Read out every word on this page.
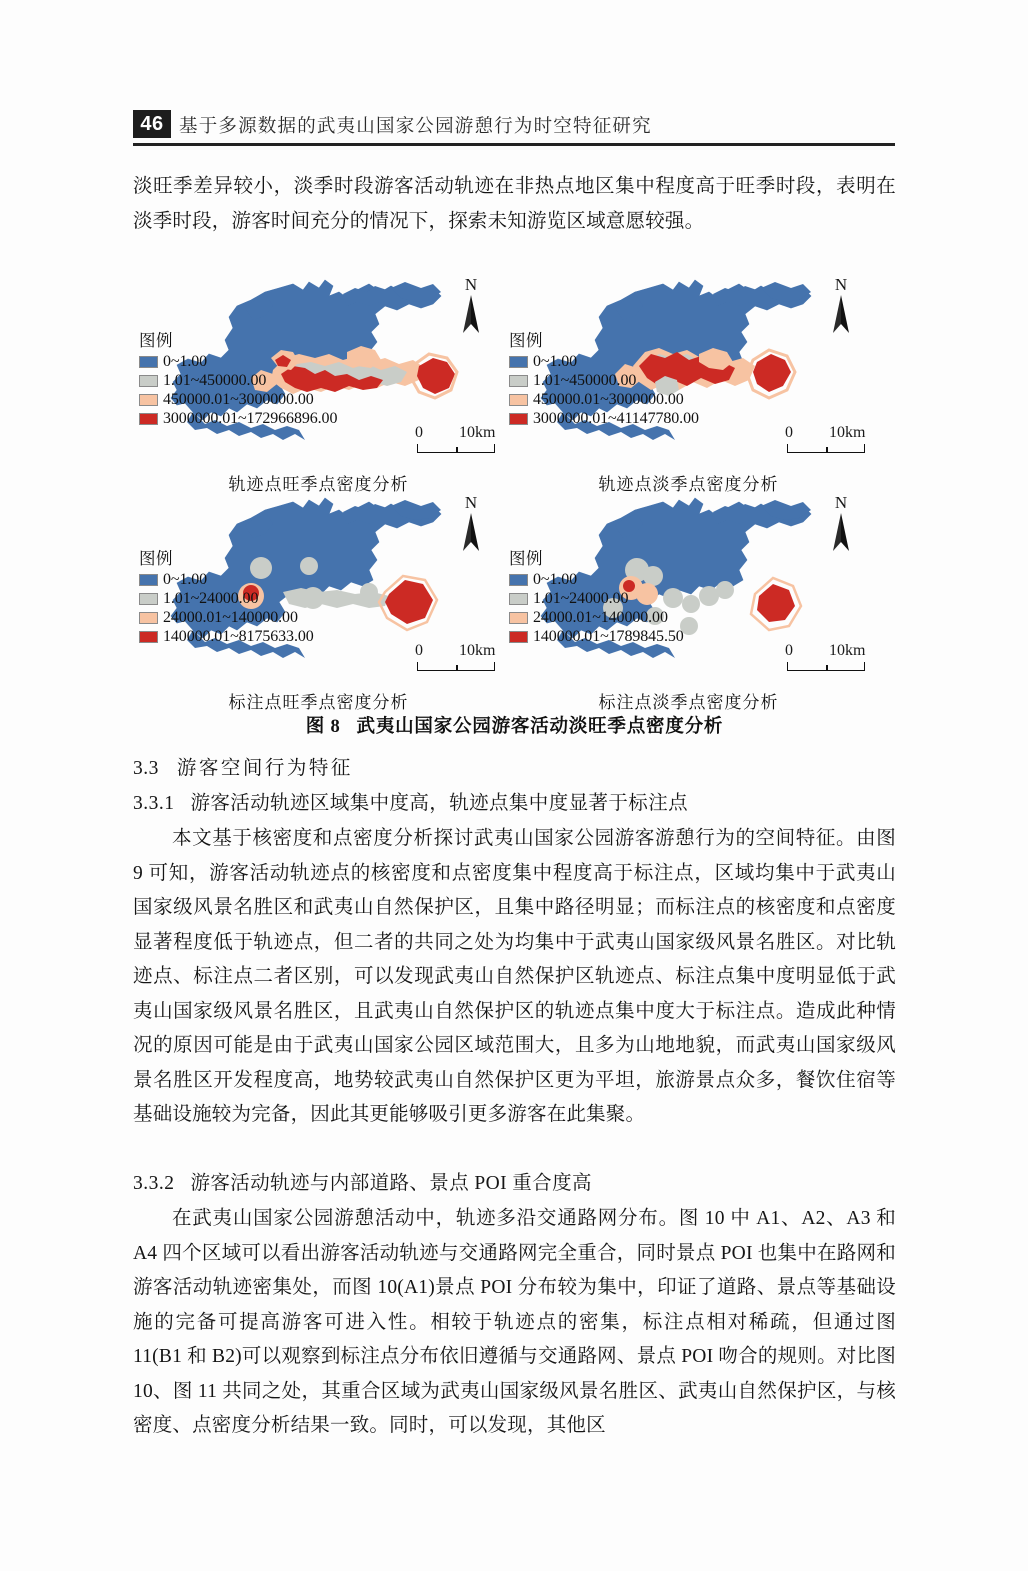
46 基于多源数据的武夷山国家公园游憩行为时空特征研究
淡旺季差异较小，淡季时段游客活动轨迹在非热点地区集中程度高于旺季时段，表明在淡季时段，游客时间充分的情况下，探索未知游览区域意愿较强。
图例
0~1.00
1.01~450000.00
450000.01~3000000.00
3000000.01~172966896.00
N
0 10km
轨迹点旺季点密度分析
图例
0~1.00
1.01~450000.00
450000.01~3000000.00
3000000.01~41147780.00
N
0 10km
轨迹点淡季点密度分析
图例
0~1.00
1.01~24000.00
24000.01~140000.00
140000.01~8175633.00
N
0 10km
标注点旺季点密度分析
图例
0~1.00
1.01~24000.00
24000.01~140000.00
140000.01~1789845.50
N
0 10km
标注点淡季点密度分析
图 8 武夷山国家公园游客活动淡旺季点密度分析
3.3 游客空间行为特征
3.3.1 游客活动轨迹区域集中度高，轨迹点集中度显著于标注点
本文基于核密度和点密度分析探讨武夷山国家公园游客游憩行为的空间特征。由图 9 可知，游客活动轨迹点的核密度和点密度集中程度高于标注点，区域均集中于武夷山国家级风景名胜区和武夷山自然保护区，且集中路径明显；而标注点的核密度和点密度显著程度低于轨迹点，但二者的共同之处为均集中于武夷山国家级风景名胜区。对比轨迹点、标注点二者区别，可以发现武夷山自然保护区轨迹点、标注点集中度明显低于武夷山国家级风景名胜区，且武夷山自然保护区的轨迹点集中度大于标注点。造成此种情况的原因可能是由于武夷山国家公园区域范围大，且多为山地地貌，而武夷山国家级风景名胜区开发程度高，地势较武夷山自然保护区更为平坦，旅游景点众多，餐饮住宿等基础设施较为完备，因此其更能够吸引更多游客在此集聚。
3.3.2 游客活动轨迹与内部道路、景点 POI 重合度高
在武夷山国家公园游憩活动中，轨迹多沿交通路网分布。图 10 中 A1、A2、A3 和 A4 四个区域可以看出游客活动轨迹与交通路网完全重合，同时景点 POI 也集中在路网和游客活动轨迹密集处，而图 10(A1)景点 POI 分布较为集中，印证了道路、景点等基础设施的完备可提高游客可进入性。相较于轨迹点的密集，标注点相对稀疏，但通过图 11(B1 和 B2)可以观察到标注点分布依旧遵循与交通路网、景点 POI 吻合的规则。对比图 10、图 11 共同之处，其重合区域为武夷山国家级风景名胜区、武夷山自然保护区，与核密度、点密度分析结果一致。同时，可以发现，其他区
